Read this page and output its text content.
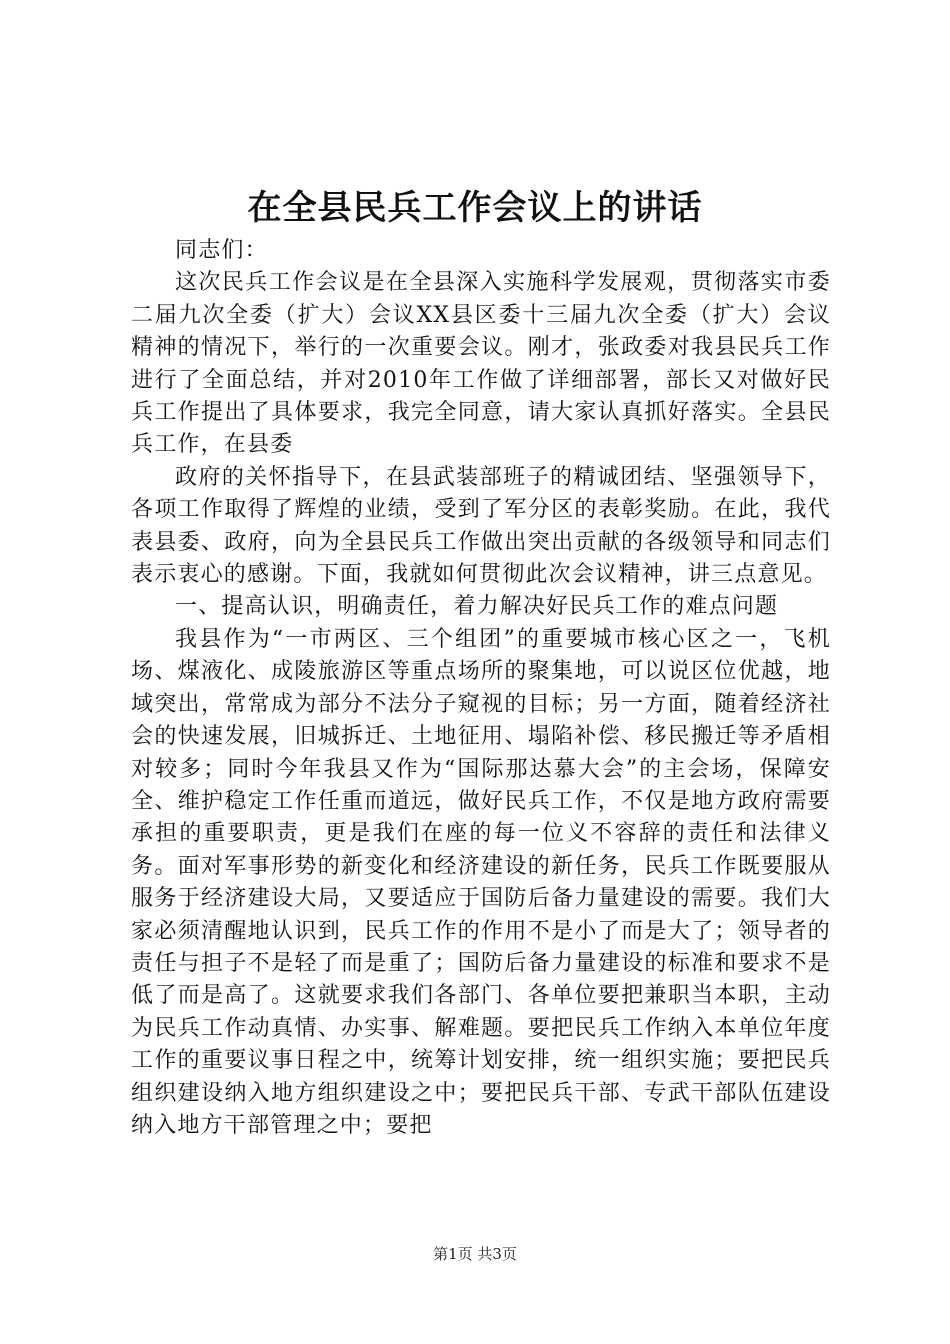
在全县民兵工作会议上的讲话

同志们：

这次民兵工作会议是在全县深入实施科学发展观，贯彻落实市委二届九次全委（扩大）会议XX县区委十三届九次全委（扩大）会议精神的情况下，举行的一次重要会议。刚才，张政委对我县民兵工作进行了全面总结，并对2010年工作做了详细部署，部长又对做好民兵工作提出了具体要求，我完全同意，请大家认真抓好落实。全县民兵工作，在县委

政府的关怀指导下，在县武装部班子的精诚团结、坚强领导下，各项工作取得了辉煌的业绩，受到了军分区的表彰奖励。在此，我代表县委、政府，向为全县民兵工作做出突出贡献的各级领导和同志们表示衷心的感谢。下面，我就如何贯彻此次会议精神，讲三点意见。

一、提高认识，明确责任，着力解决好民兵工作的难点问题

我县作为“一市两区、三个组团”的重要城市核心区之一，飞机场、煤液化、成陵旅游区等重点场所的聚集地，可以说区位优越，地域突出，常常成为部分不法分子窥视的目标；另一方面，随着经济社会的快速发展，旧城拆迁、土地征用、塌陷补偿、移民搬迁等矛盾相对较多；同时今年我县又作为“国际那达慕大会”的主会场，保障安全、维护稳定工作任重而道远，做好民兵工作，不仅是地方政府需要承担的重要职责，更是我们在座的每一位义不容辞的责任和法律义务。面对军事形势的新变化和经济建设的新任务，民兵工作既要服从服务于经济建设大局，又要适应于国防后备力量建设的需要。我们大家必须清醒地认识到，民兵工作的作用不是小了而是大了；领导者的责任与担子不是轻了而是重了；国防后备力量建设的标准和要求不是低了而是高了。这就要求我们各部门、各单位要把兼职当本职，主动为民兵工作动真情、办实事、解难题。要把民兵工作纳入本单位年度工作的重要议事日程之中，统筹计划安排，统一组织实施；要把民兵组织建设纳入地方组织建设之中；要把民兵干部、专武干部队伍建设纳入地方干部管理之中；要把

第1页 共3页
